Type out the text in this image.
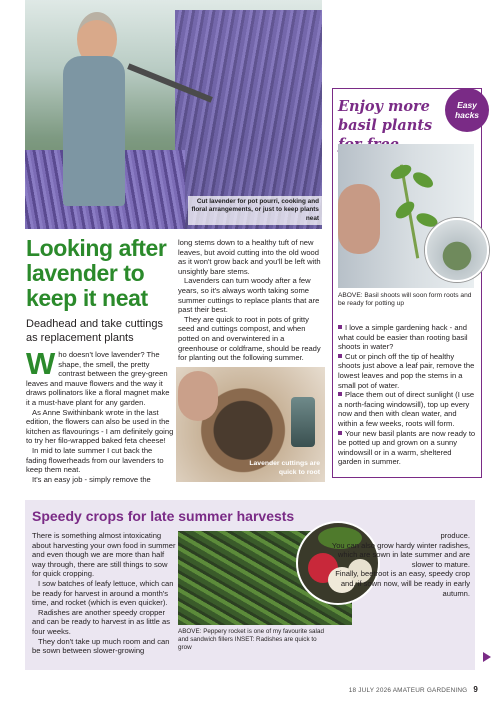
Cut lavender for pot pourri, cooking and floral arrangements, or just to keep plants neat
Looking after lavender to keep it neat
Deadhead and take cuttings as replacement plants

Who doesn't love lavender? The shape, the smell, the pretty contrast between the grey-green leaves and mauve flowers and the way it draws pollinators like a floral magnet make it a must-have plant for any garden.

As Anne Swithinbank wrote in the last edition, the flowers can also be used in the kitchen as flavourings - I am definitely going to try her filo-wrapped baked feta cheese!

In mid to late summer I cut back the fading flowerheads from our lavenders to keep them neat.

It's an easy job - simply remove the

long stems down to a healthy tuft of new leaves, but avoid cutting into the old wood as it won't grow back and you'll be left with unsightly bare stems.

Lavenders can turn woody after a few years, so it's always worth taking some summer cuttings to replace plants that are past their best.

They are quick to root in pots of gritty seed and cuttings compost, and when potted on and overwintered in a greenhouse or coldframe, should be ready for planting out the following summer.

Lavender cuttings are quick to root
Enjoy more basil plants
Easy
hacks
ABOVE: Basil shoots will soon form roots and be ready for potting up

I love a simple gardening hack - and what could be easier than rooting basil shoots in water?

Cut or pinch off the tip of healthy shoots just above a leaf pair, remove the lowest leaves and pop the stems in a small pot of water.

Place them out of direct sunlight (I use a north-facing windowsill), top up every now and then with clean water, and within a few weeks, roots will form.

Your new basil plants are now ready to be potted up and grown on a sunny windowsill or in a warm, sheltered garden in summer.

Speedy crops for late summer harvests

There is something almost intoxicating about harvesting your own food in summer and even though we are more than half way through, there are still things to sow for quick cropping.

I sow batches of leafy lettuce, which can be ready for harvest in around a month's time, and rocket (which is even quicker).

Radishes are another speedy cropper and can be ready to harvest in as little as four weeks.

They don't take up much room and can be sown between slower-growing

ABOVE: Peppery rocket is one of my favourite salad and sandwich fillers INSET: Radishes are quick to grow

produce.

You can also grow hardy winter radishes, which are sown in late summer and are slower to mature.

Finally, beetroot is an easy, speedy crop and, if sown now, will be ready in early autumn.

18 JULY 2026 AMATEUR GARDENING 9
